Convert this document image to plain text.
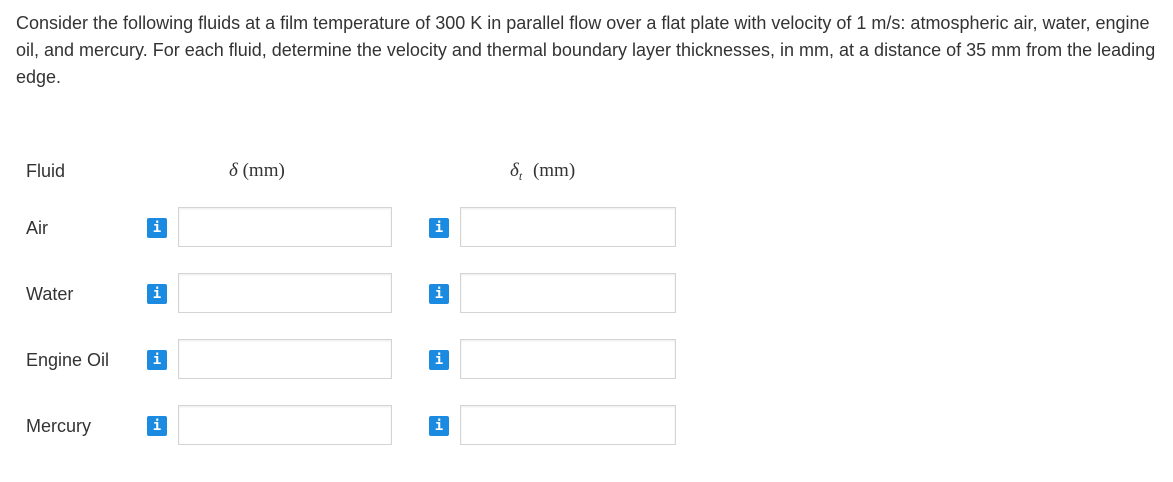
Consider the following fluids at a film temperature of 300 K in parallel flow over a flat plate with velocity of 1 m/s: atmospheric air, water, engine oil, and mercury. For each fluid, determine the velocity and thermal boundary layer thicknesses, in mm, at a distance of 35 mm from the leading edge.
Fluid	δ (mm)	$\delta_t$ (mm)
Air	i	i
Water	i	i
Engine Oil	i	i
Mercury	i	i
